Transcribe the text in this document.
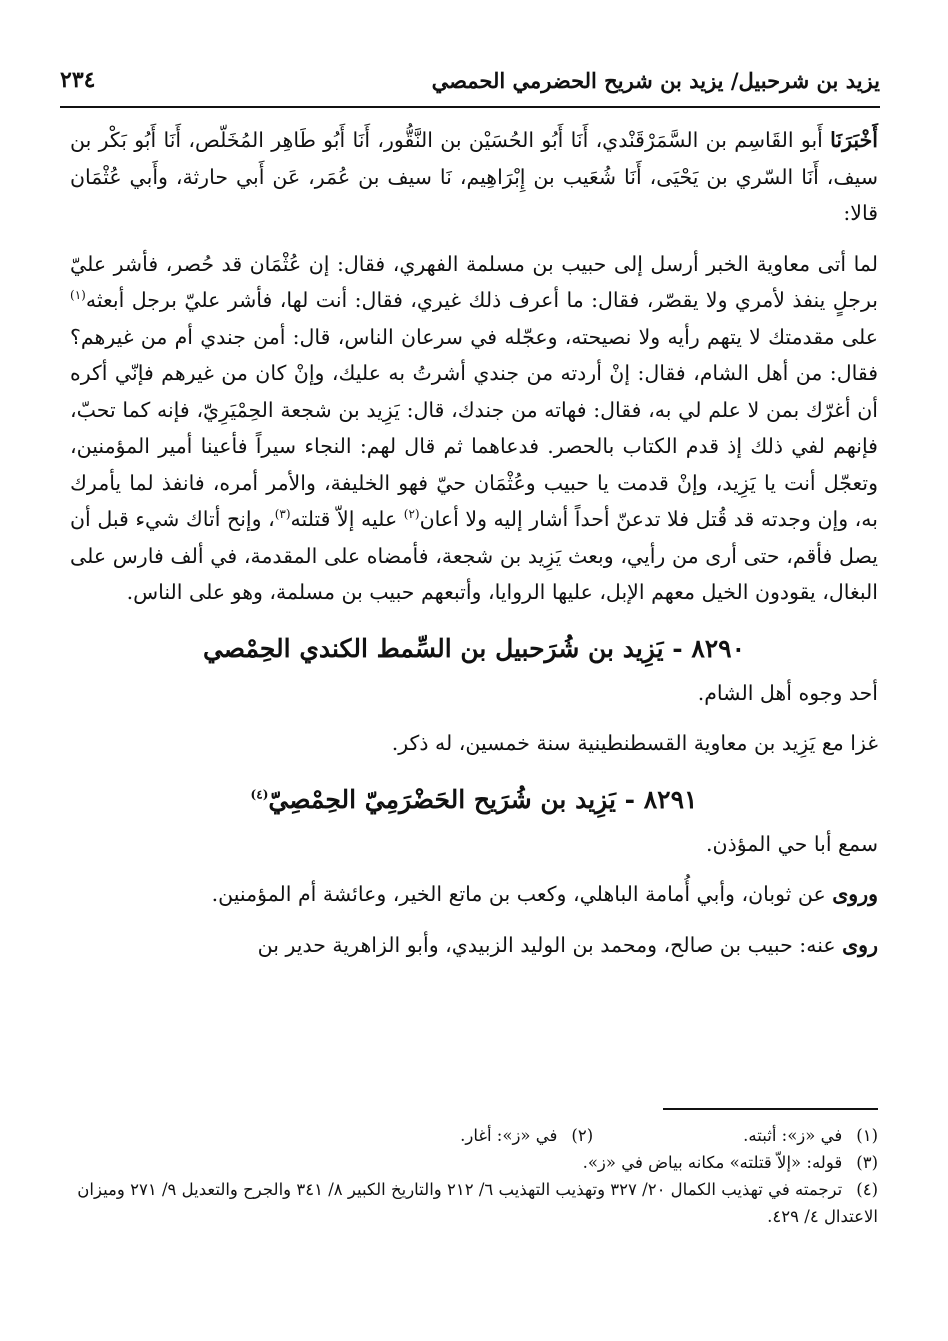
يزيد بن شرحبيل/ يزيد بن شريح الحضرمي الحمصي
٢٣٤

أَخْبَرَنَا أَبو القَاسِم بن السَّمَرْقَنْدي، أَنَا أَبُو الحُسَيْن بن النَّقُّور، أَنَا أَبُو طَاهِر المُخَلّص، أَنَا أَبُو بَكْر بن سيف، أَنَا السّري بن يَحْيَى، أَنَا شُعَيب بن إِبْرَاهِيم، نَا سيف بن عُمَر، عَن أَبي حارثة، وأَبي عُثْمَان قالا:

لما أتى معاوية الخبر أرسل إلى حبيب بن مسلمة الفهري، فقال: إن عُثْمَان قد حُصر، فأشر عليّ برجلٍ ينفذ لأمري ولا يقصّر، فقال: ما أعرف ذلك غيري، فقال: أنت لها، فأشر عليّ برجل أبعثه$^{(١)}$ على مقدمتك لا يتهم رأيه ولا نصيحته، وعجّله في سرعان الناس، قال: أمن جندي أم من غيرهم؟ فقال: من أهل الشام، فقال: إنْ أردته من جندي أشرتُ به عليك، وإنْ كان من غيرهم فإنّي أكره أن أغرّك بمن لا علم لي به، فقال: فهاته من جندك، قال: يَزِيد بن شجعة الحِمْيَرِيّ، فإنه كما تحبّ، فإنهم لفي ذلك إذ قدم الكتاب بالحصر. فدعاهما ثم قال لهم: النجاء سيراً فأعينا أمير المؤمنين، وتعجّل أنت يا يَزِيد، وإنْ قدمت يا حبيب وعُثْمَان حيّ فهو الخليفة، والأمر أمره، فانفذ لما يأمرك به، وإن وجدته قد قُتل فلا تدعنّ أحداً أشار إليه ولا أعان$^{(٢)}$ عليه إلاّ قتلته$^{(٣)}$، وإنح أتاك شيء قبل أن يصل فأقم، حتى أرى من رأيي، وبعث يَزِيد بن شجعة، فأمضاه على المقدمة، في ألف فارس على البغال، يقودون الخيل معهم الإبل، عليها الروايا، وأتبعهم حبيب بن مسلمة، وهو على الناس.

٨٢٩٠ - يَزِيد بن شُرَحبيل بن السِّمط الكندي الحِمْصي

أحد وجوه أهل الشام.

غزا مع يَزِيد بن معاوية القسطنطينية سنة خمسين، له ذكر.

٨٢٩١ - يَزِيد بن شُرَيح الحَضْرَمِيّ الحِمْصِيّ$^{(٤)}$

سمع أبا حي المؤذن.

وروى عن ثوبان، وأبي أُمامة الباهلي، وكعب بن ماتع الخير، وعائشة أم المؤمنين.

روى عنه: حبيب بن صالح، ومحمد بن الوليد الزبيدي، وأبو الزاهرية حدير بن

(١)في «ز»: أثبته.
(٢)في «ز»: أغار.
(٣)قوله: «إلاّ قتلته» مكانه بياض في «ز».
(٤)ترجمته في تهذيب الكمال ٢٠/ ٣٢٧ وتهذيب التهذيب ٦/ ٢١٢ والتاريخ الكبير ٨/ ٣٤١ والجرح والتعديل ٩/ ٢٧١ وميزان الاعتدال ٤/ ٤٢٩.
